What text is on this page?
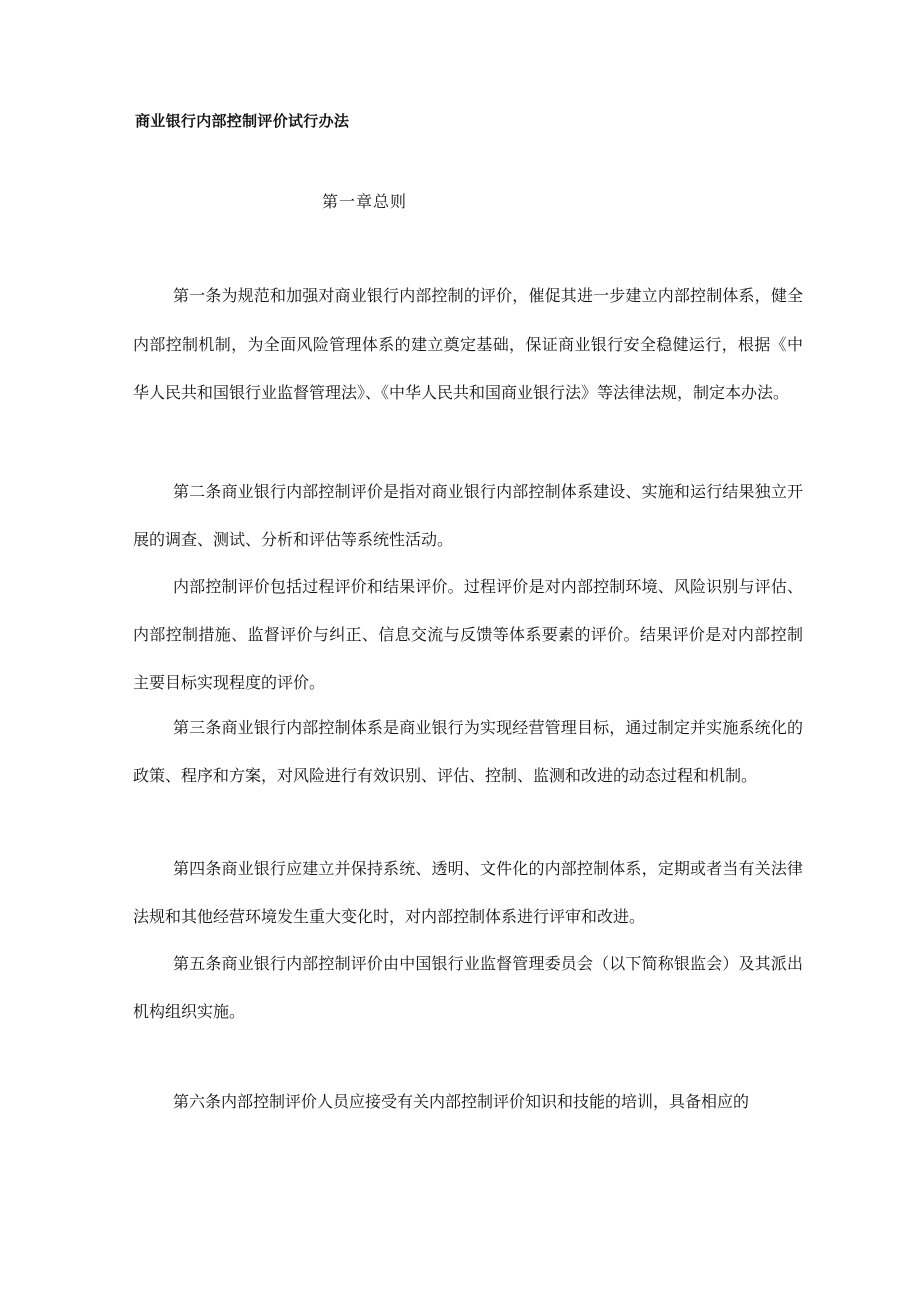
商业银行内部控制评价试行办法
第一章总则

第一条为规范和加强对商业银行内部控制的评价，催促其进一步建立内部控制体系，健全内部控制机制，为全面风险管理体系的建立奠定基础，保证商业银行安全稳健运行，根据《中华人民共和国银行业监督管理法》、《中华人民共和国商业银行法》等法律法规，制定本办法。

第二条商业银行内部控制评价是指对商业银行内部控制体系建设、实施和运行结果独立开展的调查、测试、分析和评估等系统性活动。

内部控制评价包括过程评价和结果评价。过程评价是对内部控制环境、风险识别与评估、内部控制措施、监督评价与纠正、信息交流与反馈等体系要素的评价。结果评价是对内部控制主要目标实现程度的评价。

第三条商业银行内部控制体系是商业银行为实现经营管理目标，通过制定并实施系统化的政策、程序和方案，对风险进行有效识别、评估、控制、监测和改进的动态过程和机制。

第四条商业银行应建立并保持系统、透明、文件化的内部控制体系，定期或者当有关法律法规和其他经营环境发生重大变化时，对内部控制体系进行评审和改进。

第五条商业银行内部控制评价由中国银行业监督管理委员会（以下简称银监会）及其派出机构组织实施。

第六条内部控制评价人员应接受有关内部控制评价知识和技能的培训，具备相应的
